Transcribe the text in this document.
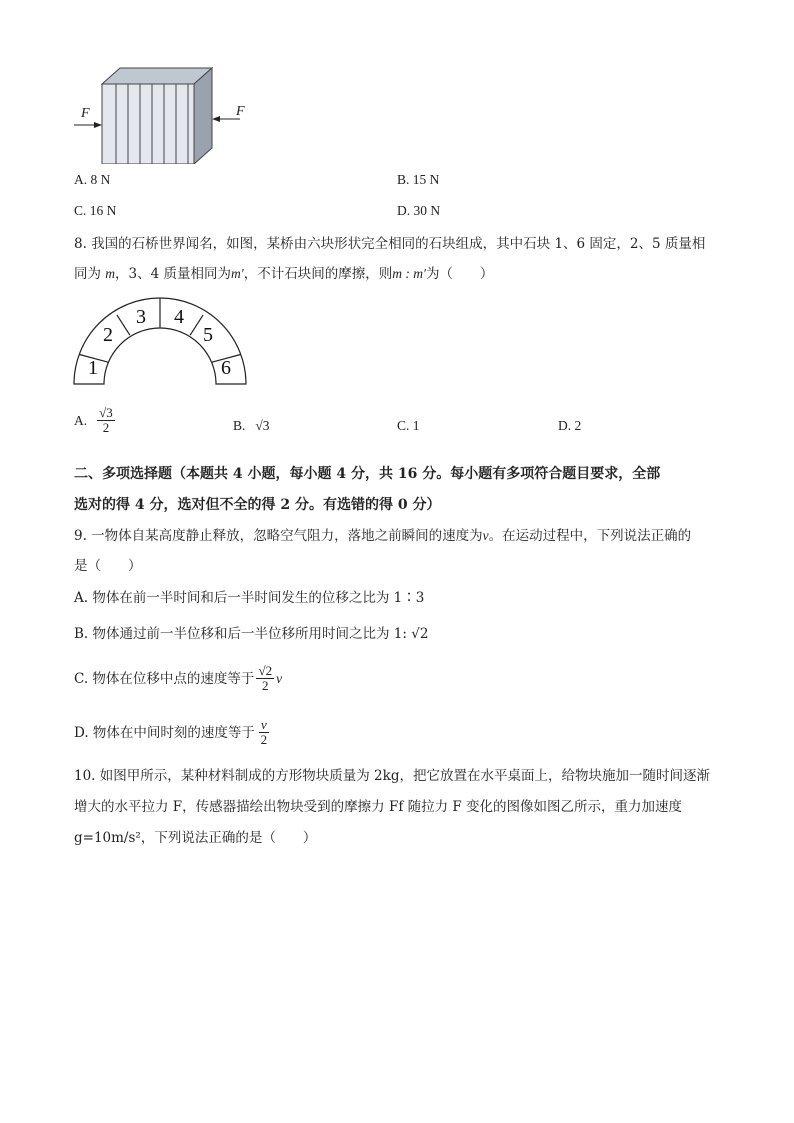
F	F
A. 8 N	B. 15 N
C. 16 N	D. 30 N
8. 我国的石桥世界闻名，如图，某桥由六块形状完全相同的石块组成，其中石块 1、6 固定，2、5 质量相
同为 m，3、4 质量相同为m′，不计石块间的摩擦，则m : m′为（　　）
1
2
3 4
5
6
A. $\frac{√3}{2}$	B. √3	C. 1	D. 2
二、多项选择题（本题共 4 小题，每小题 4 分，共 16 分。每小题有多项符合题目要求，全部
选对的得 4 分，选对但不全的得 2 分。有选错的得 0 分）
9. 一物体自某高度静止释放，忽略空气阻力，落地之前瞬间的速度为v。在运动过程中，下列说法正确的
是（　　）
A. 物体在前一半时间和后一半时间发生的位移之比为 1∶3
B. 物体通过前一半位移和后一半位移所用时间之比为 1: √2
C. 物体在位移中点的速度等于 $\frac{√2}{2}$ v
D. 物体在中间时刻的速度等于 $\frac{v}{2}$
10. 如图甲所示，某种材料制成的方形物块质量为 2kg，把它放置在水平桌面上，给物块施加一随时间逐渐
增大的水平拉力 F，传感器描绘出物块受到的摩擦力 Ff 随拉力 F 变化的图像如图乙所示，重力加速度
g=10m/s²，下列说法正确的是（　　）
